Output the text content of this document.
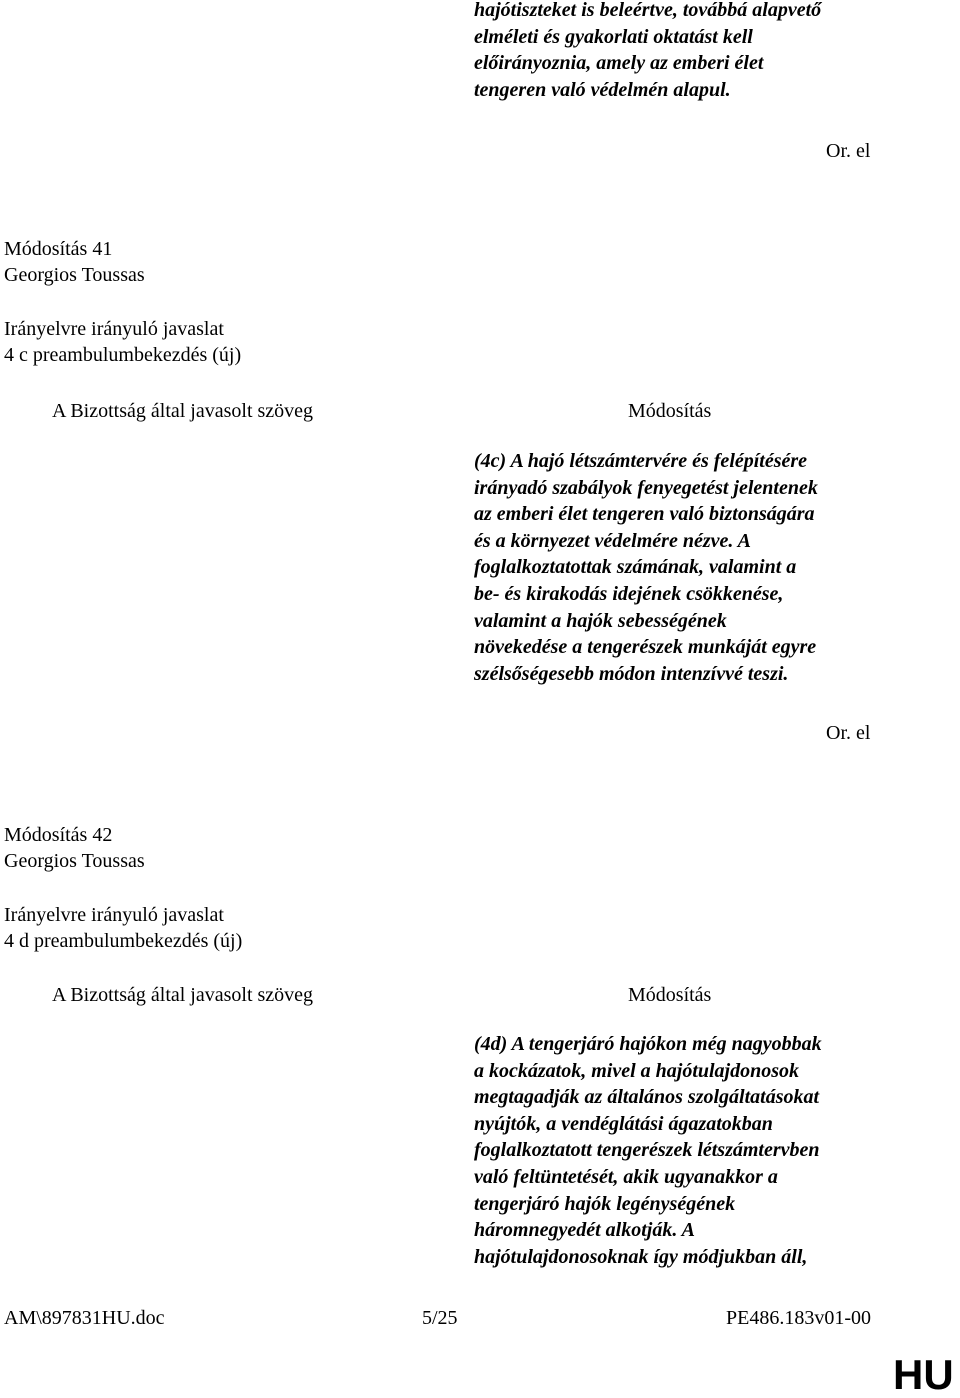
hajótiszteket is beleértve, továbbá alapvető
elméleti és gyakorlati oktatást kell
előirányoznia, amely az emberi élet
tengeren való védelmén alapul.
Or. el
Módosítás 41
Georgios Toussas
Irányelvre irányuló javaslat
4 c preambulumbekezdés (új)
A Bizottság által javasolt szöveg	Módosítás
(4c) A hajó létszámtervére és felépítésére
irányadó szabályok fenyegetést jelentenek
az emberi élet tengeren való biztonságára
és a környezet védelmére nézve. A
foglalkoztatottak számának, valamint a
be- és kirakodás idejének csökkenése,
valamint a hajók sebességének
növekedése a tengerészek munkáját egyre
szélsőségesebb módon intenzívvé teszi.
Or. el
Módosítás 42
Georgios Toussas
Irányelvre irányuló javaslat
4 d preambulumbekezdés (új)
A Bizottság által javasolt szöveg	Módosítás
(4d) A tengerjáró hajókon még nagyobbak
a kockázatok, mivel a hajótulajdonosok
megtagadják az általános szolgáltatásokat
nyújtók, a vendéglátási ágazatokban
foglalkoztatott tengerészek létszámtervben
való feltüntetését, akik ugyanakkor a
tengerjáró hajók legénységének
háromnegyedét alkotják. A
hajótulajdonosoknak így módjukban áll,
AM\897831HU.doc	5/25	PE486.183v01-00
HU
